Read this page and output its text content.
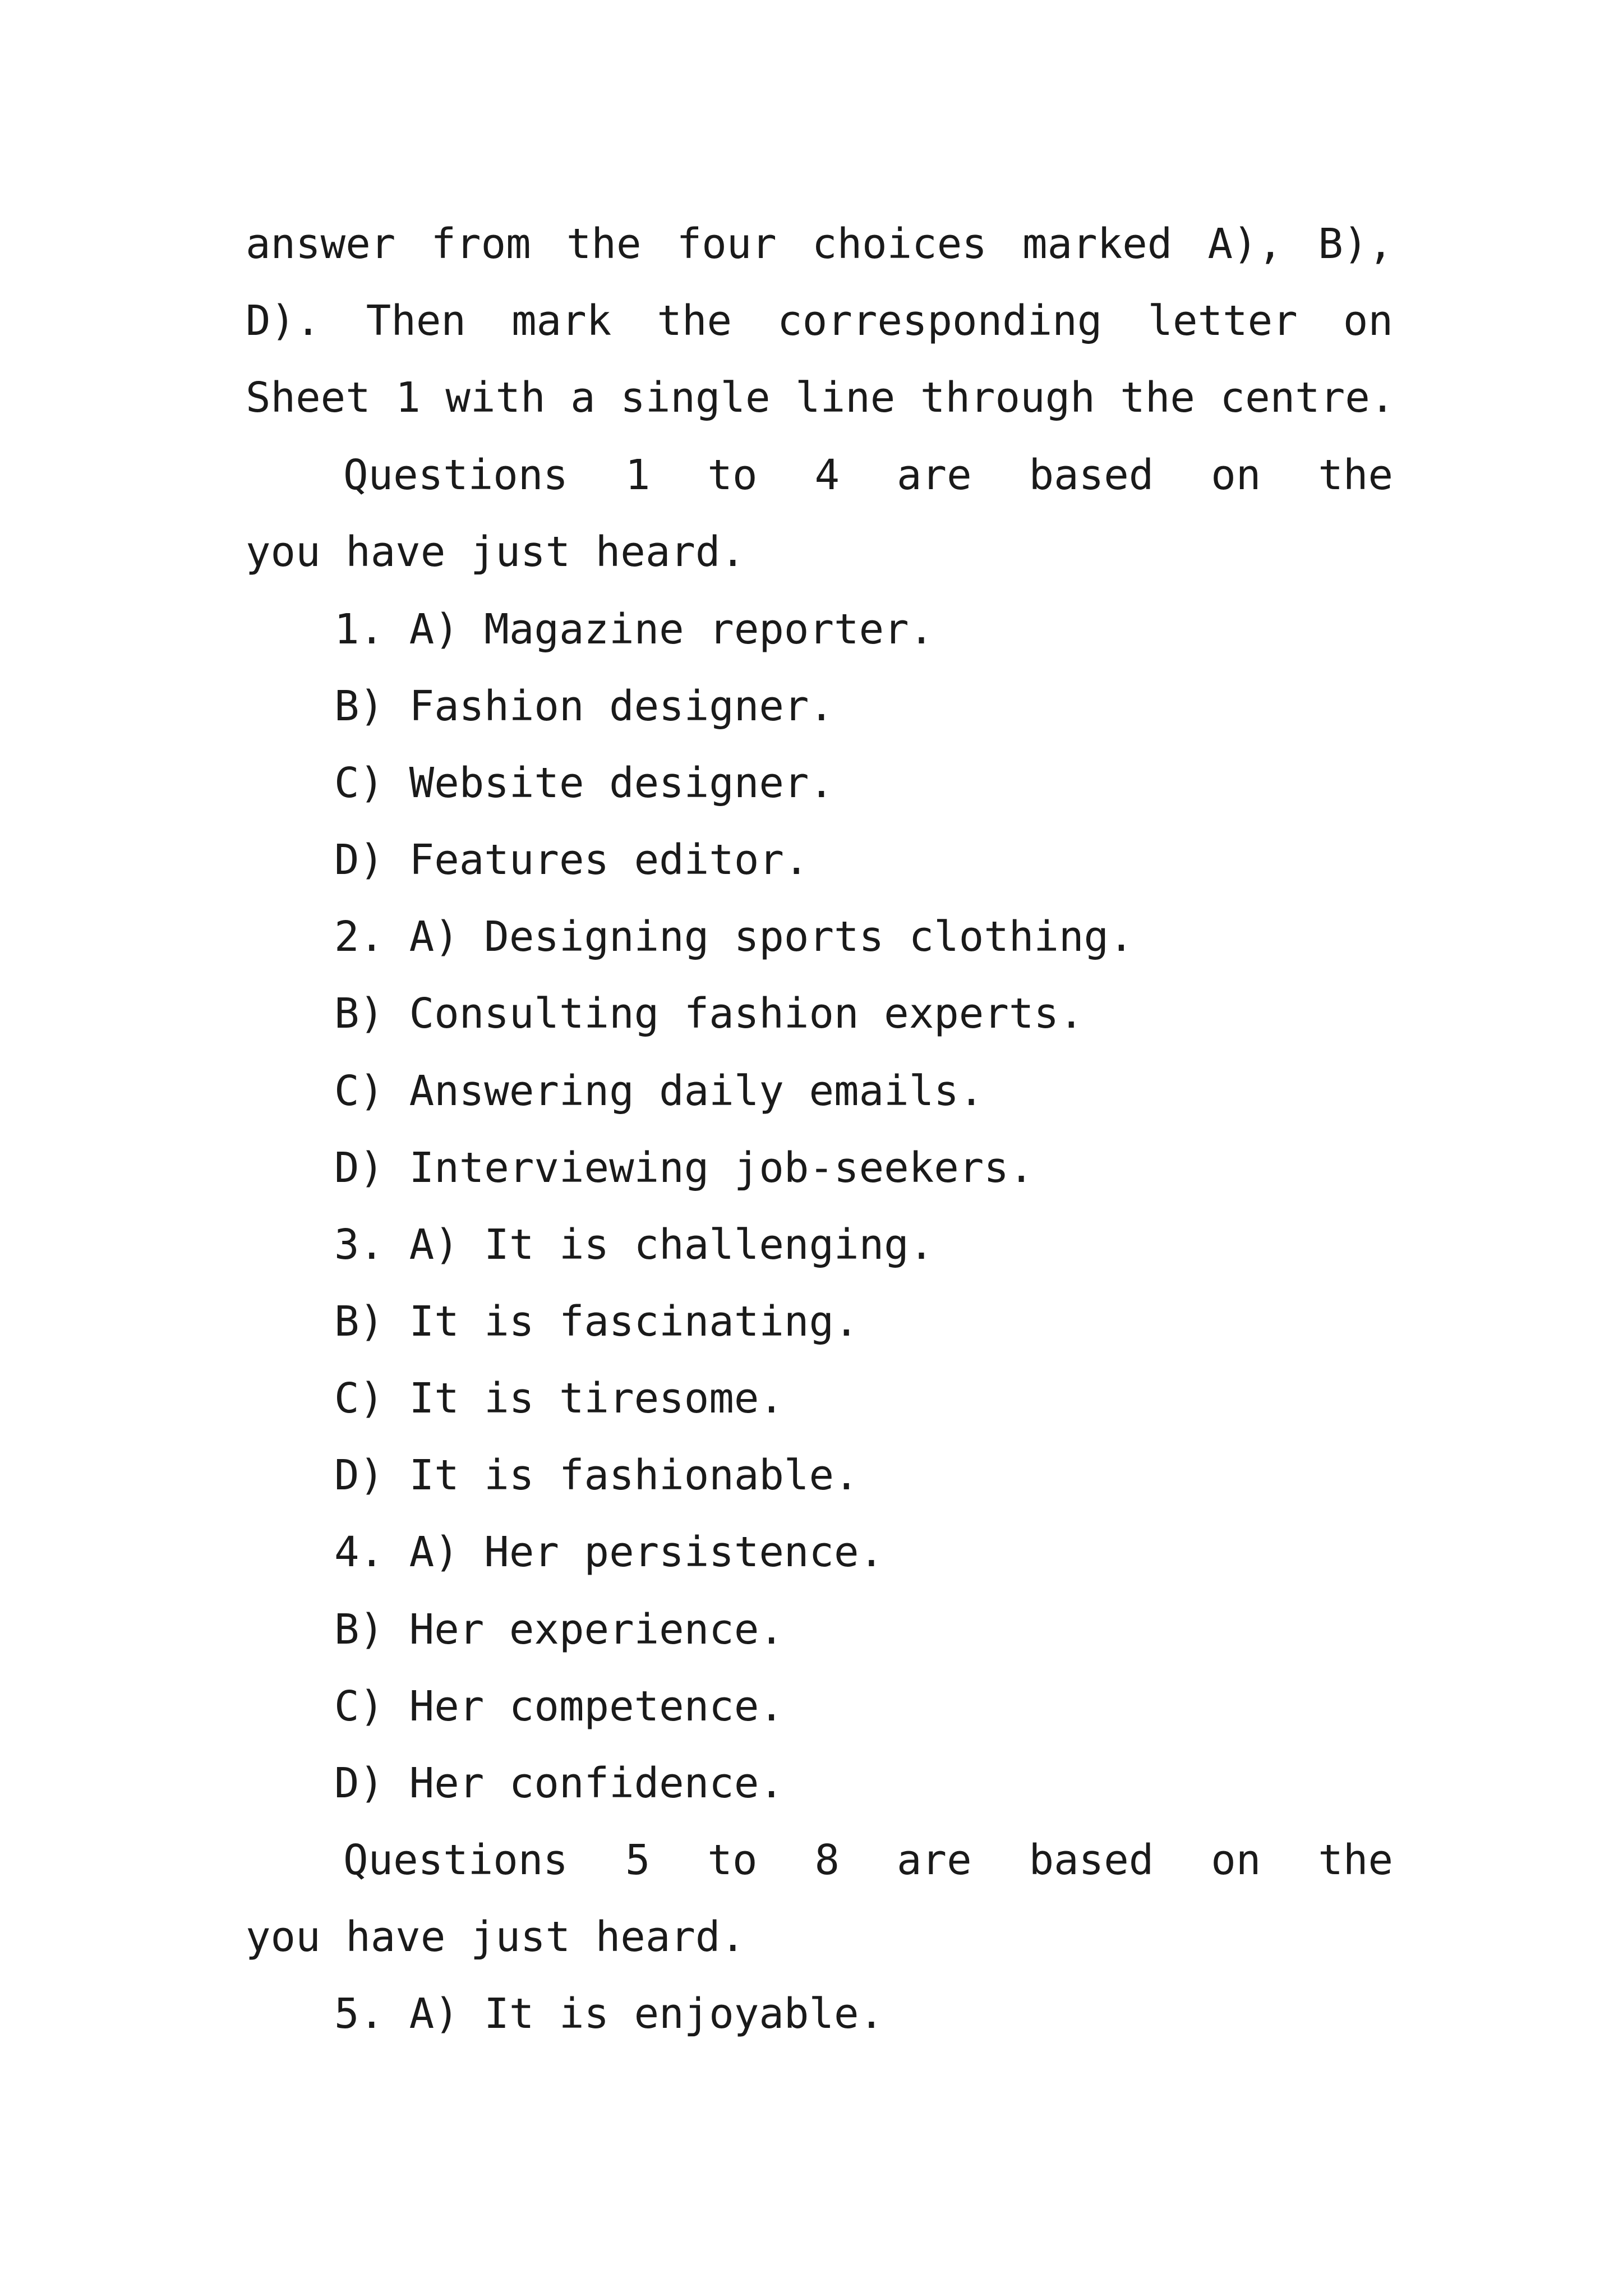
answer from the four choices marked A), B),
D). Then mark the corresponding letter on
Sheet 1 with a single line through the centre.
Questions 1 to 4 are based on the
you have just heard.
1. A) Magazine reporter.
B) Fashion designer.
C) Website designer.
D) Features editor.
2. A) Designing sports clothing.
B) Consulting fashion experts.
C) Answering daily emails.
D) Interviewing job-seekers.
3. A) It is challenging.
B) It is fascinating.
C) It is tiresome.
D) It is fashionable.
4. A) Her persistence.
B) Her experience.
C) Her competence.
D) Her confidence.
Questions 5 to 8 are based on the
you have just heard.
5. A) It is enjoyable.
